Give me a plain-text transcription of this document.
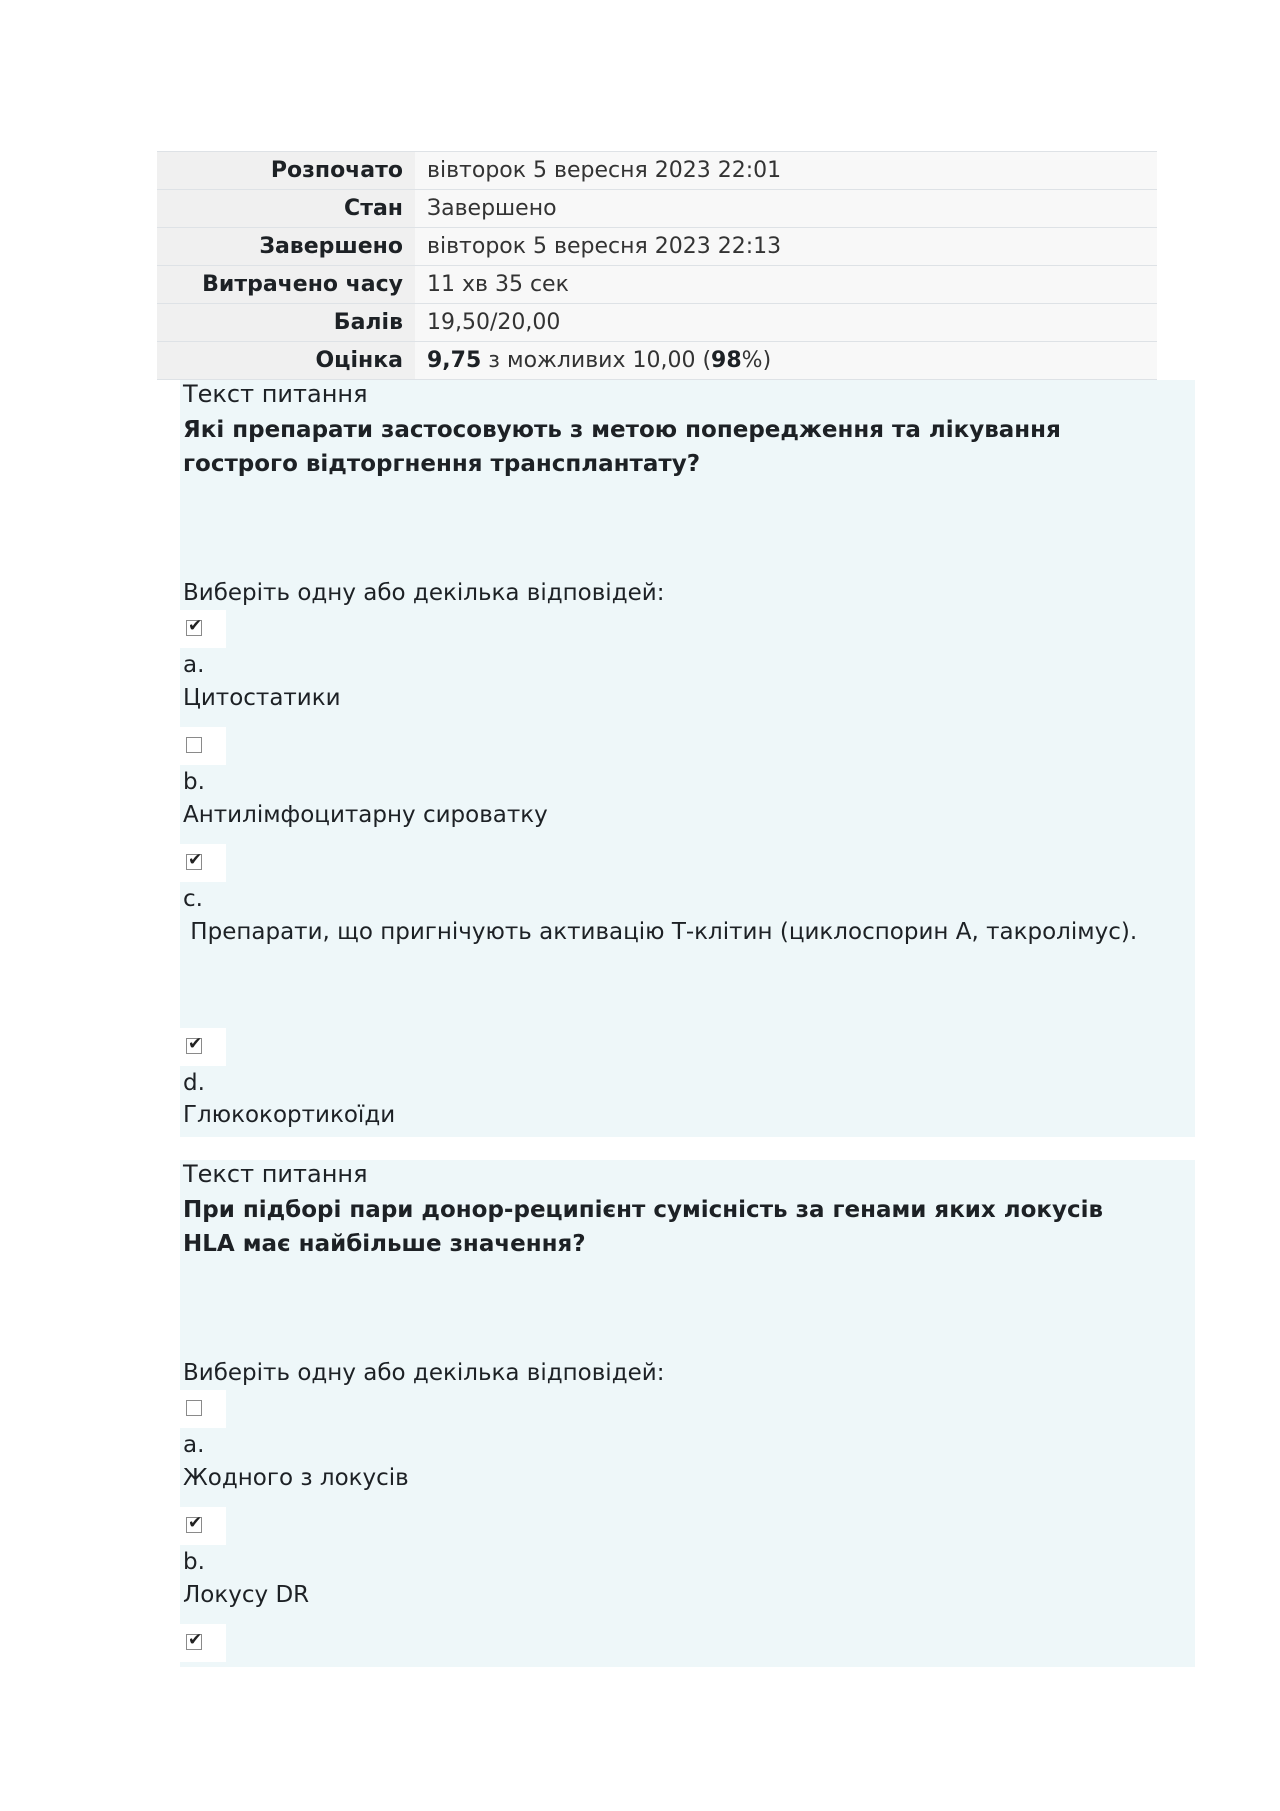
Розпочато	вівторок 5 вересня 2023 22:01
Стан	Завершено
Завершено	вівторок 5 вересня 2023 22:13
Витрачено часу	11 хв 35 сек
Балів	19,50/20,00
Оцінка	9,75 з можливих 10,00 (98%)
Текст питання
Які препарати застосовують з метою попередження та лікування гострого відторгнення трансплантату?
Виберіть одну або декілька відповідей:
✔
a.
Цитостатики
b.
Антилімфоцитарну сироватку
✔
c.
Препарати, що пригнічують активацію Т-клітин (циклоспорин А, такролімус).
✔
d.
Глюкокортикоїди
Текст питання
При підборі пари донор-реципієнт сумісність за генами яких локусів HLA має найбільше значення?
Виберіть одну або декілька відповідей:
a.
Жодного з локусів
✔
b.
Локусу DR
✔
